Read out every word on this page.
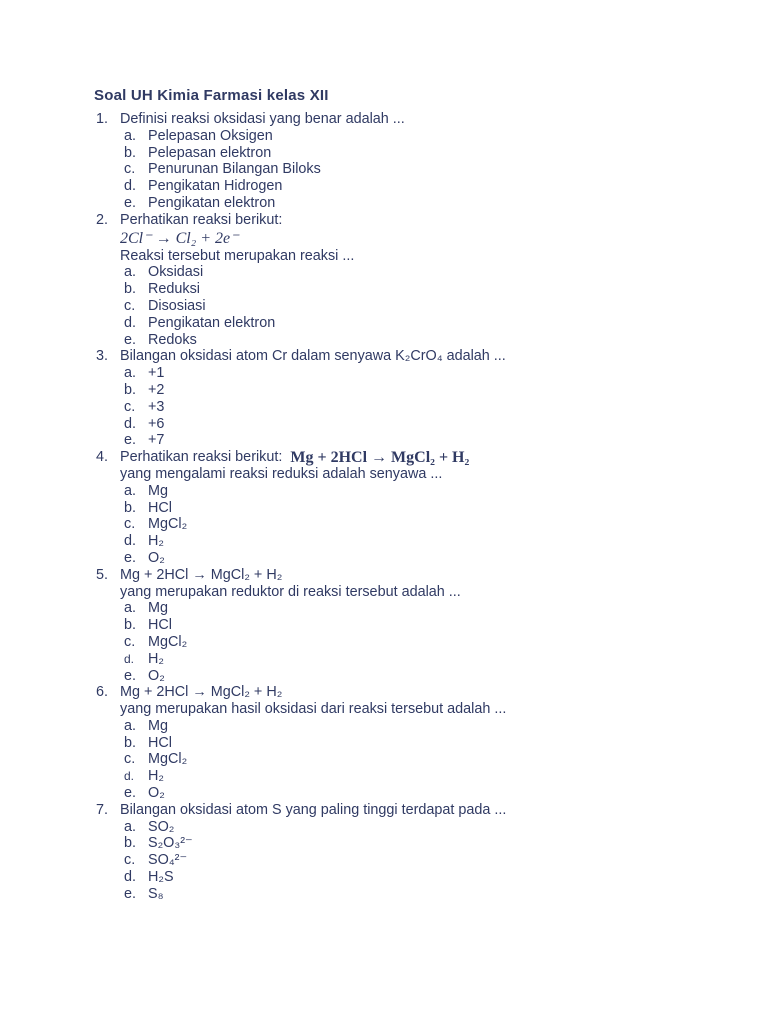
Soal UH Kimia Farmasi kelas XII
1. Definisi reaksi oksidasi yang benar adalah ...
a. Pelepasan Oksigen
b. Pelepasan elektron
c. Penurunan Bilangan Biloks
d. Pengikatan Hidrogen
e. Pengikatan elektron
2. Perhatikan reaksi berikut:
2Cl⁻ → Cl₂ + 2e⁻
Reaksi tersebut merupakan reaksi ...
a. Oksidasi
b. Reduksi
c. Disosiasi
d. Pengikatan elektron
e. Redoks
3. Bilangan oksidasi atom Cr dalam senyawa K₂CrO₄ adalah ...
a. +1
b. +2
c. +3
d. +6
e. +7
4. Perhatikan reaksi berikut: Mg + 2HCl → MgCl₂ + H₂
yang mengalami reaksi reduksi adalah senyawa ...
a. Mg
b. HCl
c. MgCl₂
d. H₂
e. O₂
5. Mg + 2HCl → MgCl₂ + H₂
yang merupakan reduktor di reaksi tersebut adalah ...
a. Mg
b. HCl
c. MgCl₂
d. H₂
e. O₂
6. Mg + 2HCl → MgCl₂ + H₂
yang merupakan hasil oksidasi dari reaksi tersebut adalah ...
a. Mg
b. HCl
c. MgCl₂
d. H₂
e. O₂
7. Bilangan oksidasi atom S yang paling tinggi terdapat pada ...
a. SO₂
b. S₂O₃²⁻
c. SO₄²⁻
d. H₂S
e. S₈
